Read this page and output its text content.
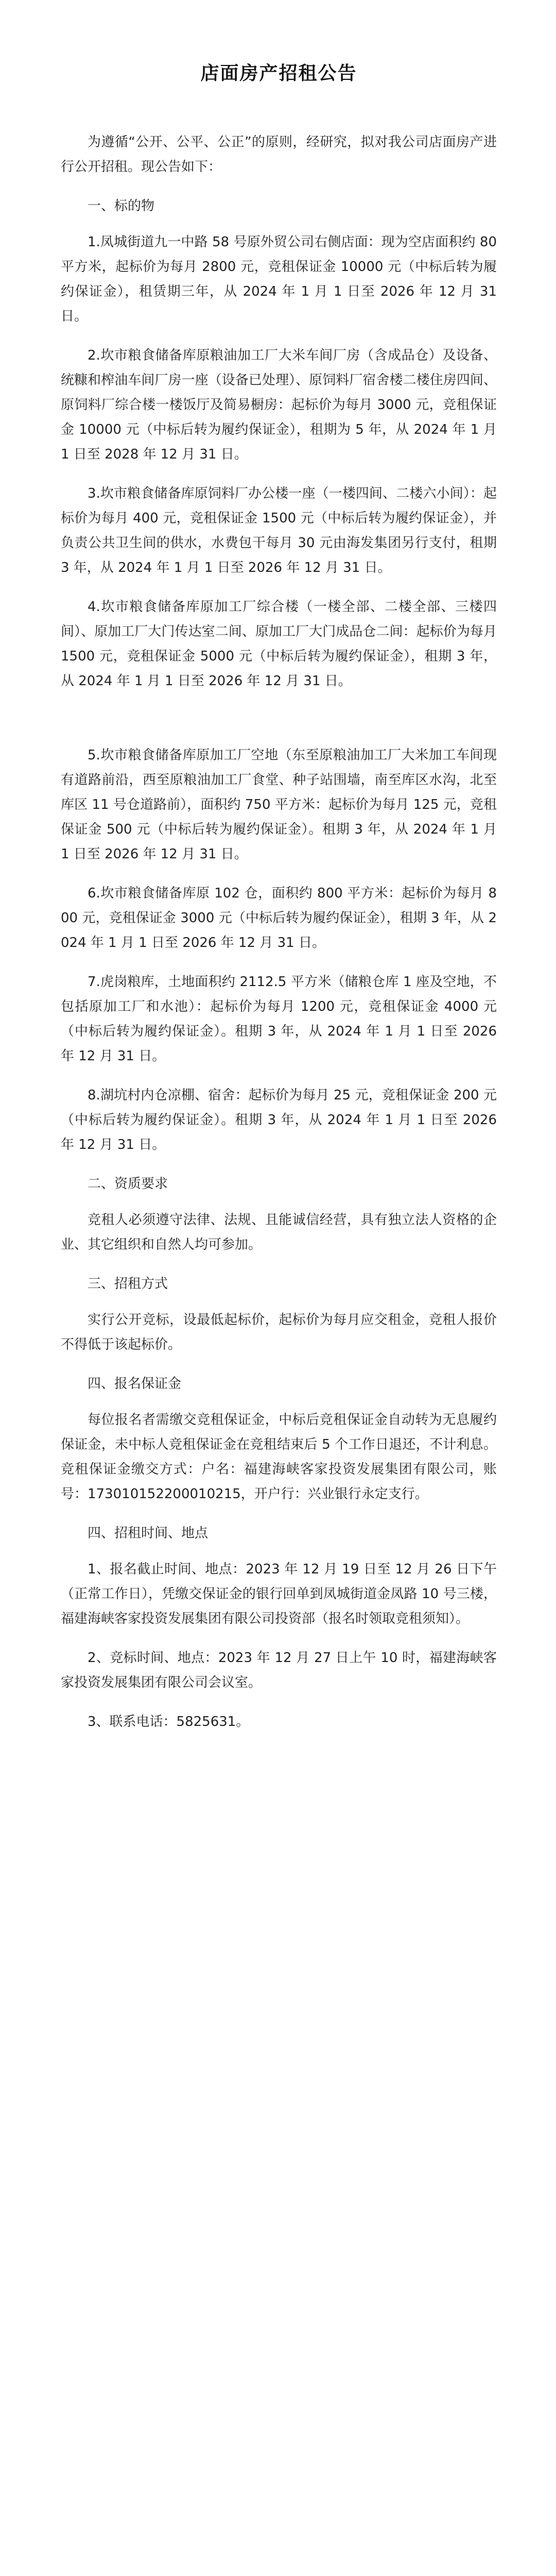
店面房产招租公告

为遵循“公开、公平、公正”的原则，经研究，拟对我公司店面房产进行公开招租。现公告如下：

一、标的物

1.凤城街道九一中路 58 号原外贸公司右侧店面：现为空店面积约 80 平方米，起标价为每月 2800 元，竞租保证金 10000 元（中标后转为履约保证金），租赁期三年，从 2024 年 1 月 1 日至 2026 年 12 月 31 日。

2.坎市粮食储备库原粮油加工厂大米车间厂房（含成品仓）及设备、统糠和榨油车间厂房一座（设备已处理）、原饲料厂宿舍楼二楼住房四间、原饲料厂综合楼一楼饭厅及简易橱房：起标价为每月 3000 元，竞租保证金 10000 元（中标后转为履约保证金），租期为 5 年，从 2024 年 1 月 1 日至 2028 年 12 月 31 日。

3.坎市粮食储备库原饲料厂办公楼一座（一楼四间、二楼六小间）：起标价为每月 400 元，竞租保证金 1500 元（中标后转为履约保证金），并负责公共卫生间的供水，水费包干每月 30 元由海发集团另行支付，租期 3 年，从 2024 年 1 月 1 日至 2026 年 12 月 31 日。

4.坎市粮食储备库原加工厂综合楼（一楼全部、二楼全部、三楼四间）、原加工厂大门传达室二间、原加工厂大门成品仓二间：起标价为每月 1500 元，竞租保证金 5000 元（中标后转为履约保证金），租期 3 年，从 2024 年 1 月 1 日至 2026 年 12 月 31 日。

5.坎市粮食储备库原加工厂空地（东至原粮油加工厂大米加工车间现有道路前沿，西至原粮油加工厂食堂、种子站围墙，南至库区水沟，北至库区 11 号仓道路前），面积约 750 平方米：起标价为每月 125 元，竞租保证金 500 元（中标后转为履约保证金）。租期 3 年，从 2024 年 1 月 1 日至 2026 年 12 月 31 日。

6.坎市粮食储备库原 102 仓，面积约 800 平方米：起标价为每月 800 元，竞租保证金 3000 元（中标后转为履约保证金），租期 3 年，从 2024 年 1 月 1 日至 2026 年 12 月 31 日。

7.虎岗粮库，土地面积约 2112.5 平方米（储粮仓库 1 座及空地，不包括原加工厂和水池）：起标价为每月 1200 元，竞租保证金 4000 元（中标后转为履约保证金）。租期 3 年，从 2024 年 1 月 1 日至 2026 年 12 月 31 日。

8.湖坑村内仓凉棚、宿舍：起标价为每月 25 元，竞租保证金 200 元（中标后转为履约保证金）。租期 3 年，从 2024 年 1 月 1 日至 2026 年 12 月 31 日。

二、资质要求

竞租人必须遵守法律、法规、且能诚信经营，具有独立法人资格的企业、其它组织和自然人均可参加。

三、招租方式

实行公开竞标，设最低起标价，起标价为每月应交租金，竞租人报价不得低于该起标价。

四、报名保证金

每位报名者需缴交竞租保证金，中标后竞租保证金自动转为无息履约保证金，未中标人竞租保证金在竞租结束后 5 个工作日退还，不计利息。竞租保证金缴交方式：户名：福建海峡客家投资发展集团有限公司，账号：173010152200010215，开户行：兴业银行永定支行。

四、招租时间、地点

1、报名截止时间、地点：2023 年 12 月 19 日至 12 月 26 日下午（正常工作日），凭缴交保证金的银行回单到凤城街道金凤路 10 号三楼，福建海峡客家投资发展集团有限公司投资部（报名时领取竞租须知）。

2、竞标时间、地点：2023 年 12 月 27 日上午 10 时，福建海峡客家投资发展集团有限公司会议室。

3、联系电话：5825631。
